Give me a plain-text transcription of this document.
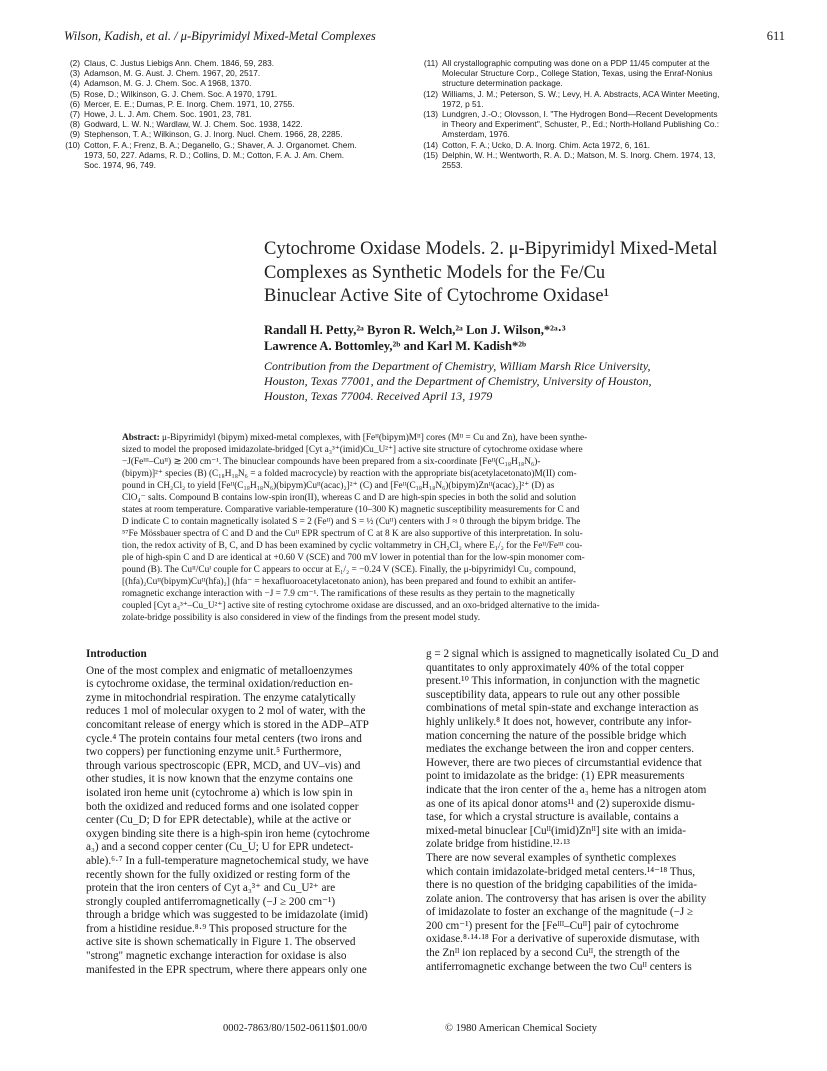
Wilson, Kadish, et al. / μ-Bipyrimidyl Mixed-Metal Complexes	611
(2) Claus, C. Justus Liebigs Ann. Chem. 1846, 59, 283.
(3) Adamson, M. G. Aust. J. Chem. 1967, 20, 2517.
(4) Adamson, M. G. J. Chem. Soc. A 1968, 1370.
(5) Rose, D.; Wilkinson, G. J. Chem. Soc. A 1970, 1791.
(6) Mercer, E. E.; Dumas, P. E. Inorg. Chem. 1971, 10, 2755.
(7) Howe, J. L. J. Am. Chem. Soc. 1901, 23, 781.
(8) Godward, L. W. N.; Wardlaw, W. J. Chem. Soc. 1938, 1422.
(9) Stephenson, T. A.; Wilkinson, G. J. Inorg. Nucl. Chem. 1966, 28, 2285.
(10) Cotton, F. A.; Frenz, B. A.; Deganello, G.; Shaver, A. J. Organomet. Chem.
1973, 50, 227. Adams, R. D.; Collins, D. M.; Cotton, F. A. J. Am. Chem.
Soc. 1974, 96, 749.
(11) All crystallographic computing was done on a PDP 11/45 computer at the
Molecular Structure Corp., College Station, Texas, using the Enraf-Nonius
structure determination package.
(12) Williams, J. M.; Peterson, S. W.; Levy, H. A. Abstracts, ACA Winter Meeting,
1972, p 51.
(13) Lundgren, J.-O.; Olovsson, I. "The Hydrogen Bond—Recent Developments
in Theory and Experiment", Schuster, P., Ed.; North-Holland Publishing Co.:
Amsterdam, 1976.
(14) Cotton, F. A.; Ucko, D. A. Inorg. Chim. Acta 1972, 6, 161.
(15) Delphin, W. H.; Wentworth, R. A. D.; Matson, M. S. Inorg. Chem. 1974, 13,
2553.
Cytochrome Oxidase Models. 2. μ-Bipyrimidyl Mixed-Metal
Complexes as Synthetic Models for the Fe/Cu
Binuclear Active Site of Cytochrome Oxidase¹
Randall H. Petty,²ᵃ Byron R. Welch,²ᵃ Lon J. Wilson,*²ᵃ·³
Lawrence A. Bottomley,²ᵇ and Karl M. Kadish*²ᵇ
Contribution from the Department of Chemistry, William Marsh Rice University,
Houston, Texas 77001, and the Department of Chemistry, University of Houston,
Houston, Texas 77004. Received April 13, 1979
Abstract: μ-Bipyrimidyl (bipym) mixed-metal complexes, with [Feᴵᴵ(bipym)Mᴵᴵ] cores (Mᴵᴵ = Cu and Zn), have been synthe-
sized to model the proposed imidazolate-bridged [Cyt a₃³⁺(imid)Cu_U²⁺] active site structure of cytochrome oxidase where
−J(Feᴵᴵᴵ–Cuᴵᴵ) ≳ 200 cm⁻¹. The binuclear compounds have been prepared from a six-coordinate [Feᴵᴵ(C₁₈H₁₈N₆)-
(bipym)]²⁺ species (B) (C₁₈H₁₈N₆ = a folded macrocycle) by reaction with the appropriate bis(acetylacetonato)M(II) com-
pound in CH₂Cl₂ to yield [Feᴵᴵ(C₁₈H₁₈N₆)(bipym)Cuᴵᴵ(acac)₂]²⁺ (C) and [Feᴵᴵ(C₁₈H₁₈N₆)(bipym)Znᴵᴵ(acac)₂]²⁺ (D) as
ClO₄⁻ salts. Compound B contains low-spin iron(II), whereas C and D are high-spin species in both the solid and solution
states at room temperature. Comparative variable-temperature (10–300 K) magnetic susceptibility measurements for C and
D indicate C to contain magnetically isolated S = 2 (Feᴵᴵ) and S = ½ (Cuᴵᴵ) centers with J ≈ 0 through the bipym bridge. The
⁵⁷Fe Mössbauer spectra of C and D and the Cuᴵᴵ EPR spectrum of C at 8 K are also supportive of this interpretation. In solu-
tion, the redox activity of B, C, and D has been examined by cyclic voltammetry in CH₂Cl₂ where E₁/₂ for the Feᴵᴵ/Feᴵᴵᴵ cou-
ple of high-spin C and D are identical at +0.60 V (SCE) and 700 mV lower in potential than for the low-spin monomer com-
pound (B). The Cuᴵᴵ/Cuᴵ couple for C appears to occur at E₁/₂ = −0.24 V (SCE). Finally, the μ-bipyrimidyl Cu₂ compound,
[(hfa)₂Cuᴵᴵ(bipym)Cuᴵᴵ(hfa)₂] (hfa⁻ = hexafluoroacetylacetonato anion), has been prepared and found to exhibit an antifer-
romagnetic exchange interaction with −J = 7.9 cm⁻¹. The ramifications of these results as they pertain to the magnetically
coupled [Cyt a₃³⁺–Cu_U²⁺] active site of resting cytochrome oxidase are discussed, and an oxo-bridged alternative to the imida-
zolate-bridge possibility is also considered in view of the findings from the present model study.
Introduction
One of the most complex and enigmatic of metalloenzymes
is cytochrome oxidase, the terminal oxidation/reduction en-
zyme in mitochondrial respiration. The enzyme catalytically
reduces 1 mol of molecular oxygen to 2 mol of water, with the
concomitant release of energy which is stored in the ADP–ATP
cycle.⁴ The protein contains four metal centers (two irons and
two coppers) per functioning enzyme unit.⁵ Furthermore,
through various spectroscopic (EPR, MCD, and UV–vis) and
other studies, it is now known that the enzyme contains one
isolated iron heme unit (cytochrome a) which is low spin in
both the oxidized and reduced forms and one isolated copper
center (Cu_D; D for EPR detectable), while at the active or
oxygen binding site there is a high-spin iron heme (cytochrome
a₃) and a second copper center (Cu_U; U for EPR undetect-
able).⁶·⁷ In a full-temperature magnetochemical study, we have
recently shown for the fully oxidized or resting form of the
protein that the iron centers of Cyt a₃³⁺ and Cu_U²⁺ are
strongly coupled antiferromagnetically (−J ≥ 200 cm⁻¹)
through a bridge which was suggested to be imidazolate (imid)
from a histidine residue.⁸·⁹ This proposed structure for the
active site is shown schematically in Figure 1. The observed
"strong" magnetic exchange interaction for oxidase is also
manifested in the EPR spectrum, where there appears only one
g = 2 signal which is assigned to magnetically isolated Cu_D and
quantitates to only approximately 40% of the total copper
present.¹⁰ This information, in conjunction with the magnetic
susceptibility data, appears to rule out any other possible
combinations of metal spin-state and exchange interaction as
highly unlikely.⁸ It does not, however, contribute any infor-
mation concerning the nature of the possible bridge which
mediates the exchange between the iron and copper centers.
However, there are two pieces of circumstantial evidence that
point to imidazolate as the bridge: (1) EPR measurements
indicate that the iron center of the a₃ heme has a nitrogen atom
as one of its apical donor atoms¹¹ and (2) superoxide dismu-
tase, for which a crystal structure is available, contains a
mixed-metal binuclear [Cuᴵᴵ(imid)Znᴵᴵ] site with an imida-
zolate bridge from histidine.¹²·¹³
There are now several examples of synthetic complexes
which contain imidazolate-bridged metal centers.¹⁴⁻¹⁸ Thus,
there is no question of the bridging capabilities of the imida-
zolate anion. The controversy that has arisen is over the ability
of imidazolate to foster an exchange of the magnitude (−J ≥
200 cm⁻¹) present for the [Feᴵᴵᴵ–Cuᴵᴵ] pair of cytochrome
oxidase.⁸·¹⁴·¹⁸ For a derivative of superoxide dismutase, with
the Znᴵᴵ ion replaced by a second Cuᴵᴵ, the strength of the
antiferromagnetic exchange between the two Cuᴵᴵ centers is
0002-7863/80/1502-0611$01.00/0	© 1980 American Chemical Society
